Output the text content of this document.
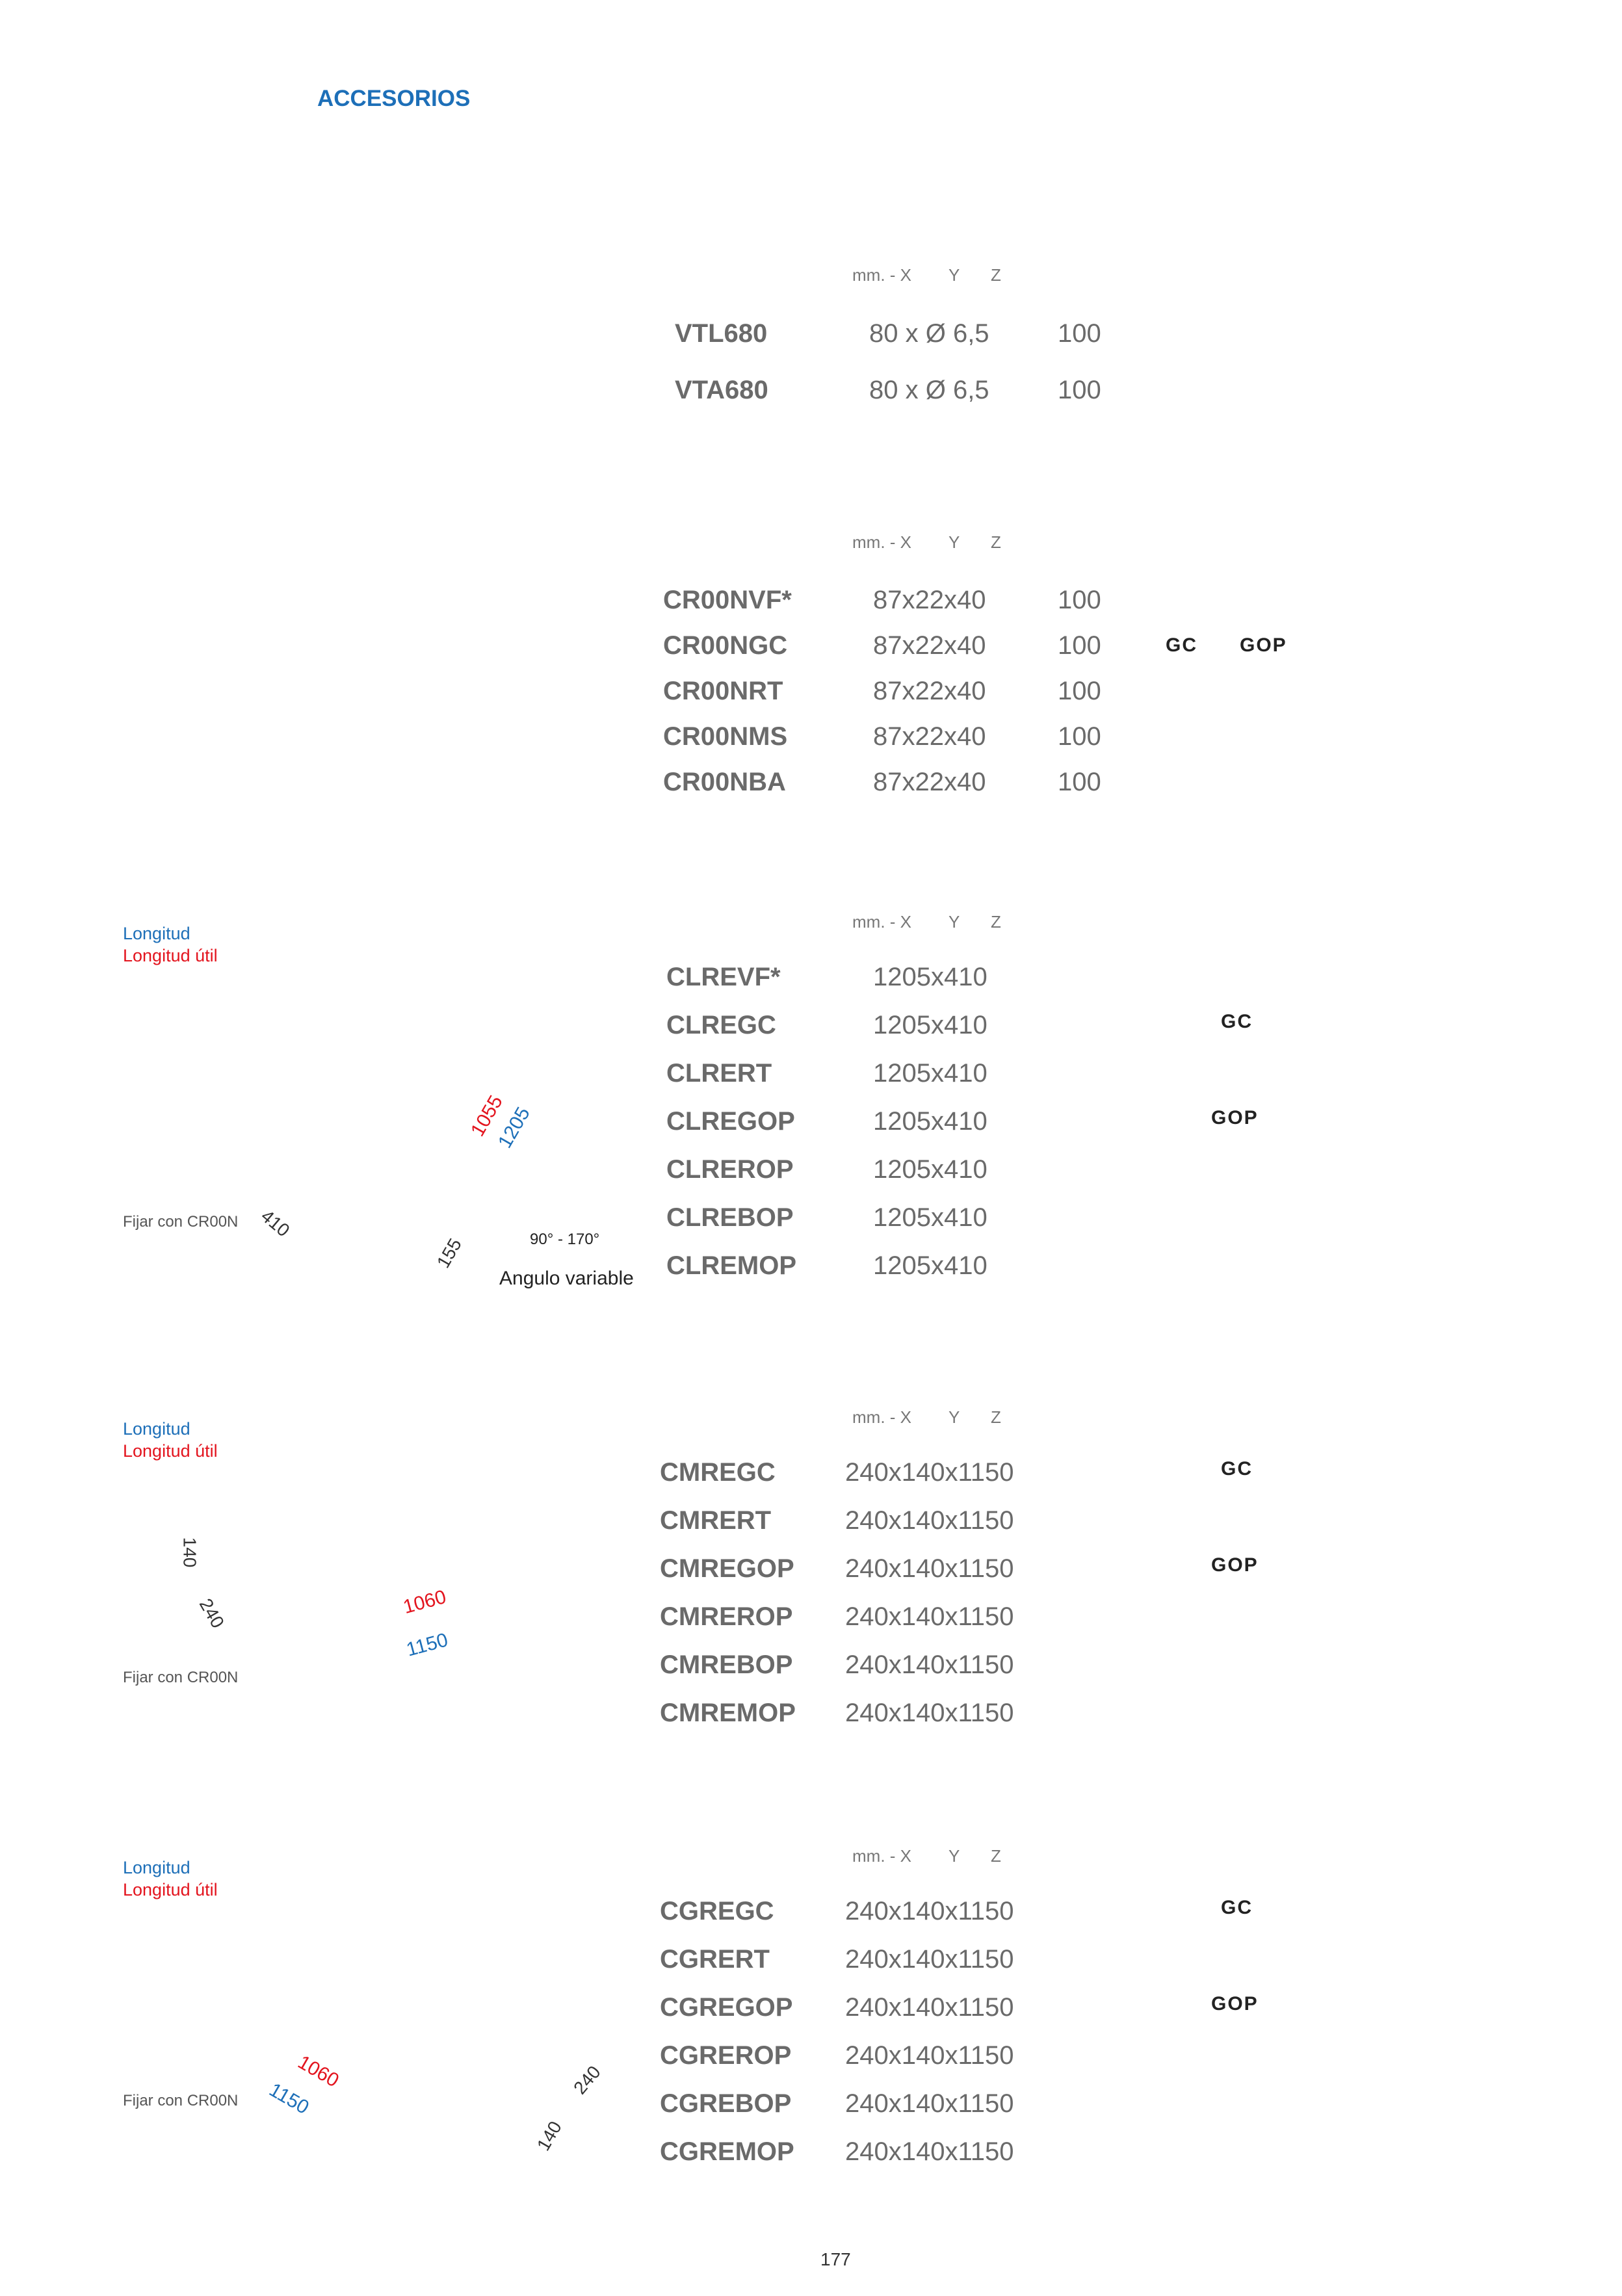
ACCESORIOS
mm. - X Y Z
VTL680	80 x Ø 6,5	100
VTA680	80 x Ø 6,5	100
mm. - X Y Z
CR00NVF*	87x22x40	100
CR00NGC	87x22x40	100	GC GOP
CR00NRT	87x22x40	100
CR00NMS	87x22x40	100
CR00NBA	87x22x40	100
Longitud
Longitud útil
Fijar con CR00N
1055
1205
410
155	90° - 170°
Angulo variable
mm. - X Y Z
CLREVF*	1205x410
CLREGC	1205x410	GC
CLRERT	1205x410
CLREGOP	1205x410	GOP
CLREROP	1205x410
CLREBOP	1205x410
CLREMOP	1205x410
Longitud
Longitud útil
Fijar con CR00N
140
240	1060
1150
mm. - X Y Z
CMREGC	240x140x1150	GC
CMRERT	240x140x1150
CMREGOP 240x140x1150	GOP
CMREROP 240x140x1150
CMREBOP 240x140x1150
CMREMOP 240x140x1150
Longitud
Longitud útil
Fijar con CR00N
1060
1150	240
140
mm. - X Y Z
CGREGC	240x140x1150	GC
CGRERT	240x140x1150
CGREGOP 240x140x1150	GOP
CGREROP 240x140x1150
CGREBOP 240x140x1150
CGREMOP 240x140x1150
177
